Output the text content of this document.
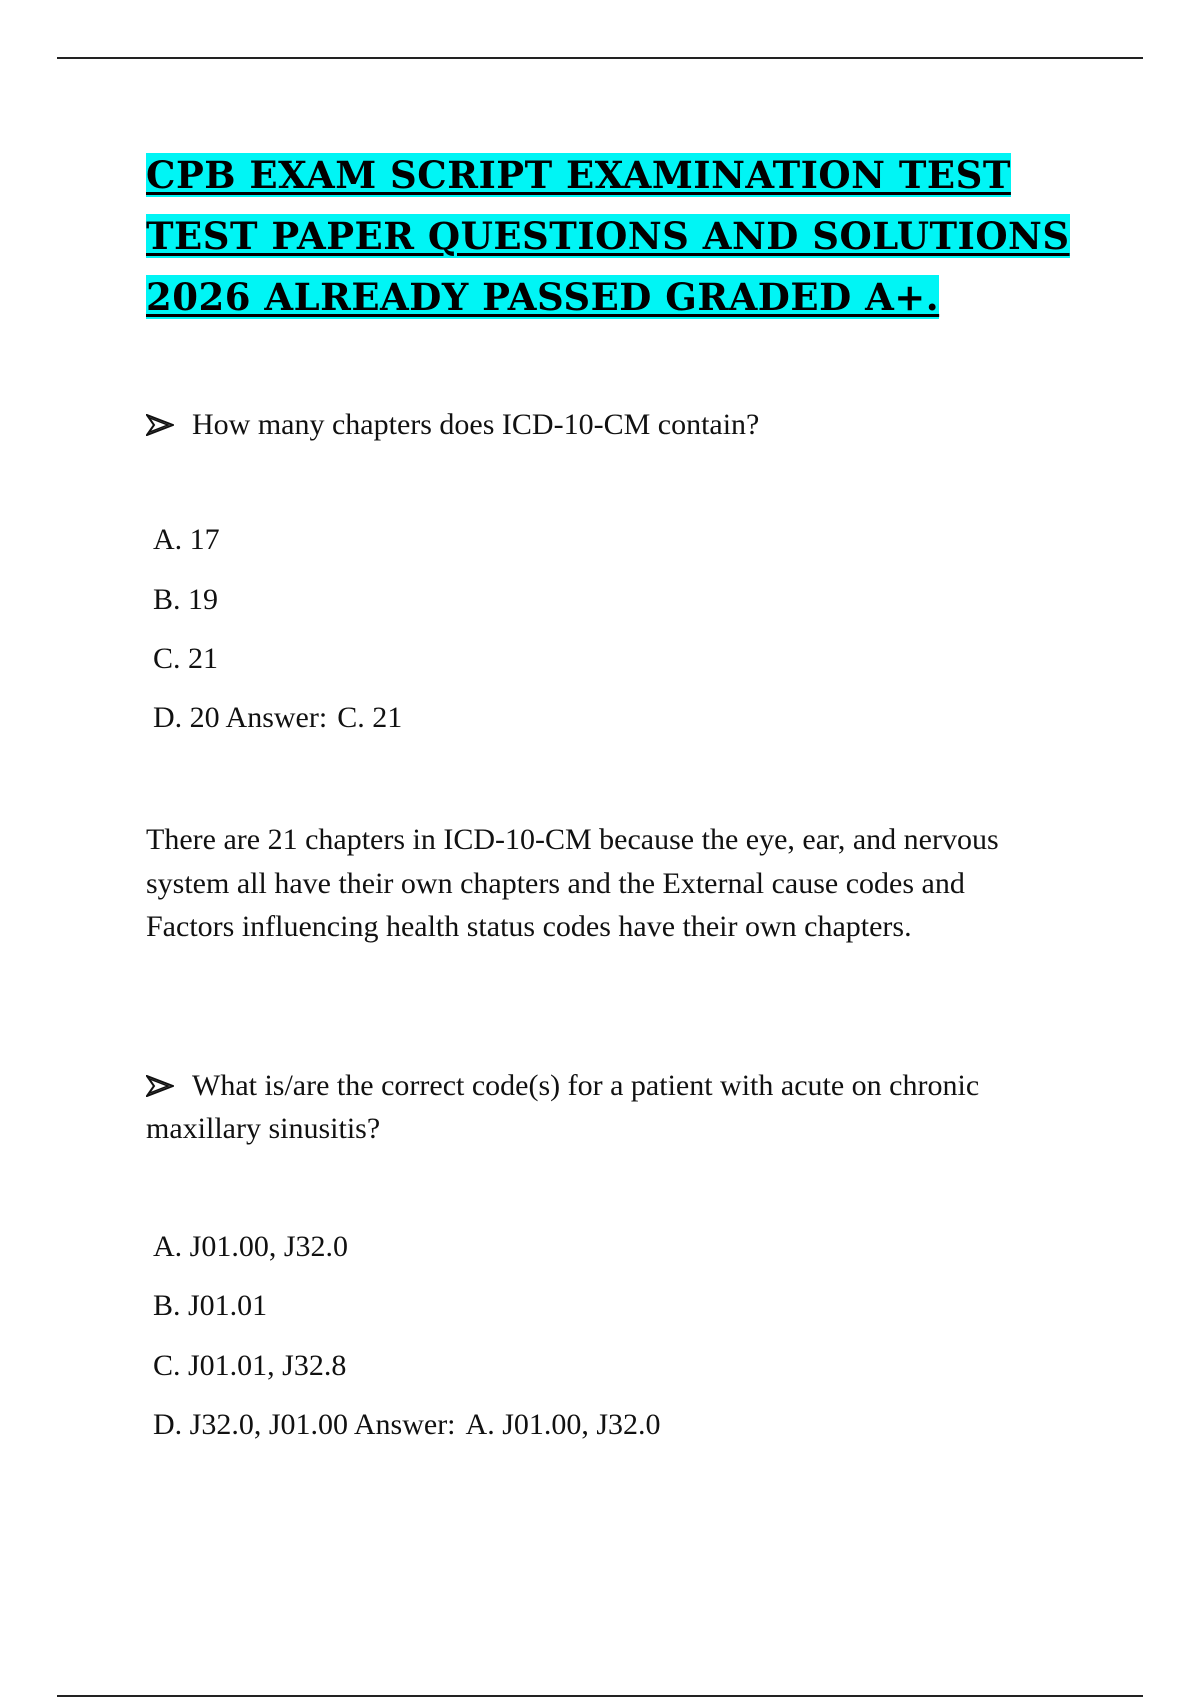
CPB EXAM SCRIPT EXAMINATION TEST TEST PAPER QUESTIONS AND SOLUTIONS 2026 ALREADY PASSED GRADED A+.

How many chapters does ICD-10-CM contain?

A. 17

B. 19

C. 21

D. 20 Answer: C. 21

There are 21 chapters in ICD-10-CM because the eye, ear, and nervous system all have their own chapters and the External cause codes and Factors influencing health status codes have their own chapters.

What is/are the correct code(s) for a patient with acute on chronic maxillary sinusitis?

A. J01.00, J32.0

B. J01.01

C. J01.01, J32.8

D. J32.0, J01.00 Answer: A. J01.00, J32.0
